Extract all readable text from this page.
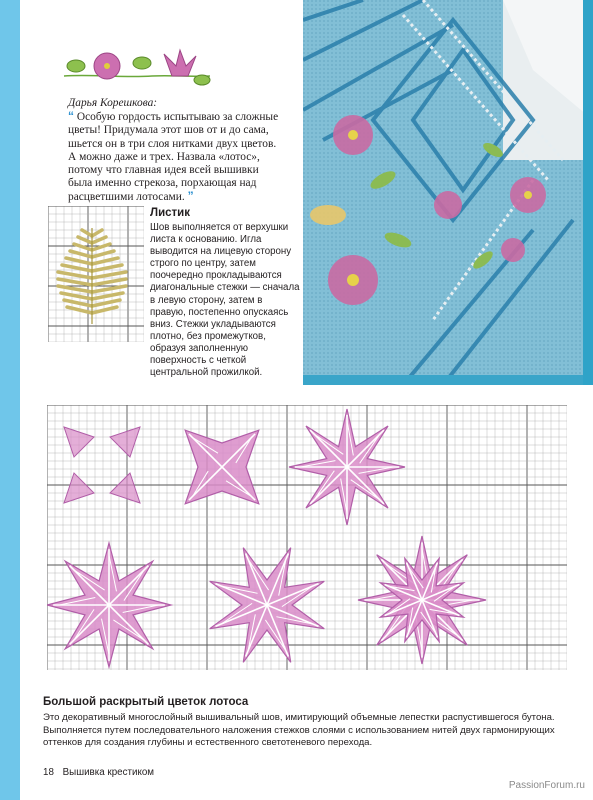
Дарья Корешкова:
“ Особую гордость испытываю за сложные
цветы! Придумала этот шов от и до сама,
шьется он в три слоя нитками двух цветов.
А можно даже и трех. Назвала «лотос»,
потому что главная идея всей вышивки
была именно стрекоза, порхающая над
расцветшими лотосами. ”
Листик
Шов выполняется от верхушки листа к основанию. Игла выводится на лицевую сторону строго по центру, затем поочередно прокладываются диагональные стежки — сначала в левую сторону, затем в правую, постепенно опускаясь вниз. Стежки укладываются плотно, без промежутков, образуя заполненную поверхность с четкой центральной прожилкой.
Большой раскрытый цветок лотоса
Это декоративный многослойный вышивальный шов, имитирующий объемные лепестки распустившегося бутона. Выполняется путем последовательного наложения стежков слоями с использованием нитей двух гармонирующих оттенков для создания глубины и естественного светотеневого перехода.
18 Вышивка крестиком
PassionForum.ru
